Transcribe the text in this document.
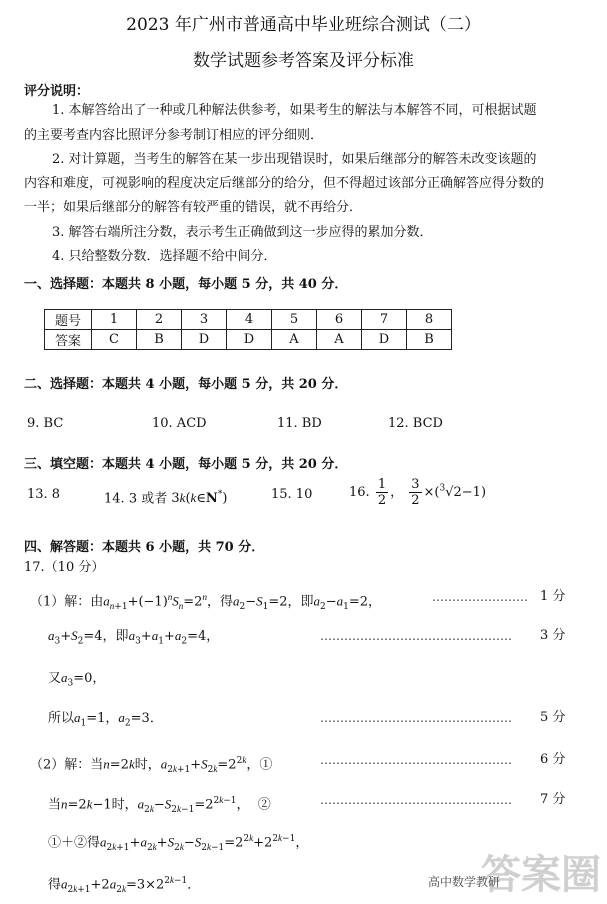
2023 年广州市普通高中毕业班综合测试（二）
数学试题参考答案及评分标准
评分说明：
1. 本解答给出了一种或几种解法供参考，如果考生的解法与本解答不同，可根据试题
的主要考查内容比照评分参考制订相应的评分细则．
2. 对计算题，当考生的解答在某一步出现错误时，如果后继部分的解答未改变该题的
内容和难度，可视影响的程度决定后继部分的给分，但不得超过该部分正确解答应得分数的
一半；如果后继部分的解答有较严重的错误，就不再给分．
3. 解答右端所注分数，表示考生正确做到这一步应得的累加分数．
4. 只给整数分数．选择题不给中间分．
一、选择题：本题共 8 小题，每小题 5 分，共 40 分．
题号	1	2	3	4	5	6	7	8
答案	C	B	D	D	A	A	D	B
二、选择题：本题共 4 小题，每小题 5 分，共 20 分．
9. BC	10. ACD	11. BD	12. BCD
三、填空题：本题共 4 小题，每小题 5 分，共 20 分．
13. 8	14. 3 或者 3k(k∈N*)	15. 10	16. $\frac{1}{2}$ ， $\frac{3}{2} \times(^3√2-1)$
四、解答题：本题共 6 小题，共 70 分．
17.（10 分）
（1）解：由$a_{n+1}+(-1)^nS_n=2^n$，得$a_2-S_1=2$，即$a_2-a_1=2$，	…………………… 1 分
$a_3+S_2=4$，即$a_3+a_1+a_2=4$，	………………………………………… 3 分
又$a_3=0$，
所以$a_1=1$，$a_2=3$．	………………………………………… 5 分
（2）解：当n=2k时，$a_{2k+1}+S_{2k}=2^{2k}$，①	………………………………………… 6 分
当n=2k−1时，$a_{2k}-S_{2k-1}=2^{2k-1}$，  ②	………………………………………… 7 分
①＋②得$a_{2k+1}+a_{2k}+S_{2k}-S_{2k-1}=2^{2k}+2^{2k-1}$，
得$a_{2k+1}+2a_{2k}=3\times 2^{2k-1}$．	答案圈
高中数学教研
